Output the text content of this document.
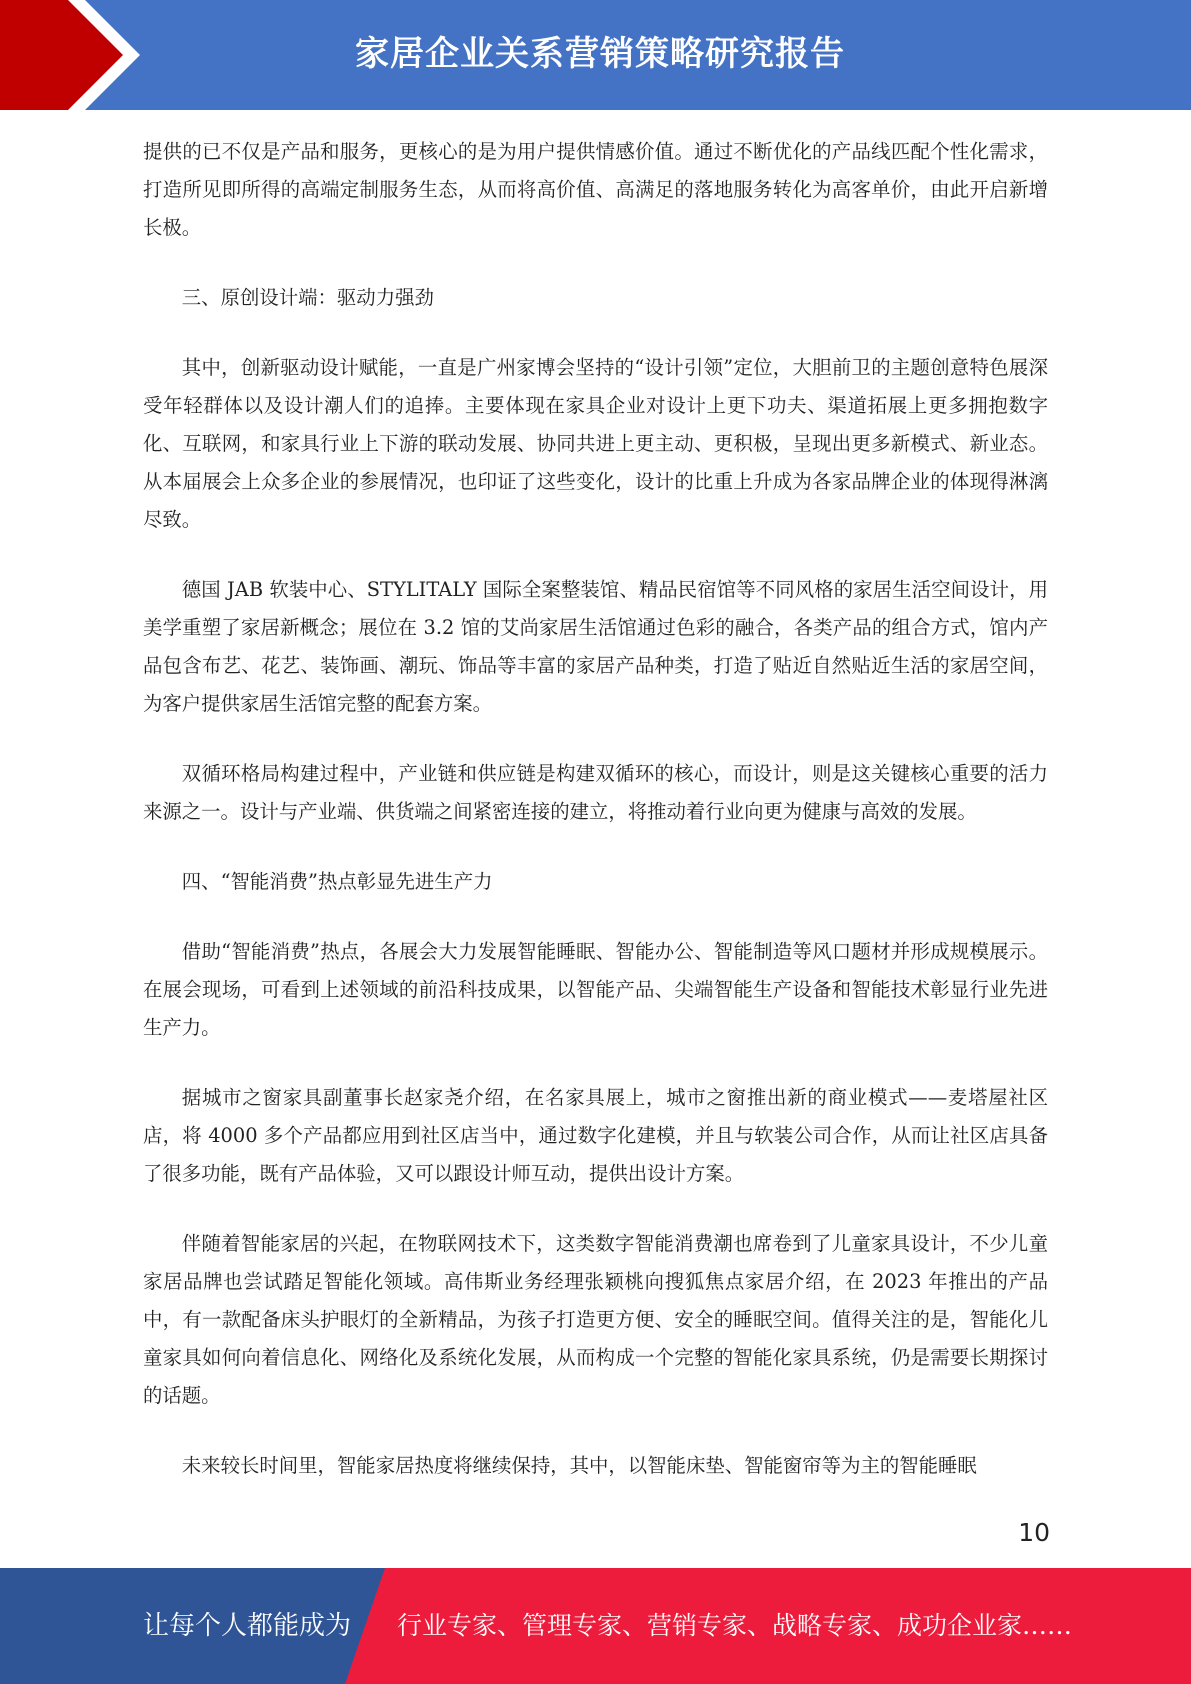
家居企业关系营销策略研究报告

提供的已不仅是产品和服务，更核心的是为用户提供情感价值。通过不断优化的产品线匹配个性化需求，打造所见即所得的高端定制服务生态，从而将高价值、高满足的落地服务转化为高客单价，由此开启新增长极。

三、原创设计端：驱动力强劲

其中，创新驱动设计赋能，一直是广州家博会坚持的“设计引领”定位，大胆前卫的主题创意特色展深受年轻群体以及设计潮人们的追捧。主要体现在家具企业对设计上更下功夫、渠道拓展上更多拥抱数字化、互联网，和家具行业上下游的联动发展、协同共进上更主动、更积极，呈现出更多新模式、新业态。从本届展会上众多企业的参展情况，也印证了这些变化，设计的比重上升成为各家品牌企业的体现得淋漓尽致。

德国 JAB 软装中心、STYLITALY 国际全案整装馆、精品民宿馆等不同风格的家居生活空间设计，用美学重塑了家居新概念；展位在 3.2 馆的艾尚家居生活馆通过色彩的融合，各类产品的组合方式，馆内产品包含布艺、花艺、装饰画、潮玩、饰品等丰富的家居产品种类，打造了贴近自然贴近生活的家居空间，为客户提供家居生活馆完整的配套方案。

双循环格局构建过程中，产业链和供应链是构建双循环的核心，而设计，则是这关键核心重要的活力来源之一。设计与产业端、供货端之间紧密连接的建立，将推动着行业向更为健康与高效的发展。

四、“智能消费”热点彰显先进生产力

借助“智能消费”热点，各展会大力发展智能睡眠、智能办公、智能制造等风口题材并形成规模展示。在展会现场，可看到上述领域的前沿科技成果，以智能产品、尖端智能生产设备和智能技术彰显行业先进生产力。

据城市之窗家具副董事长赵家尧介绍，在名家具展上，城市之窗推出新的商业模式——麦塔屋社区店，将 4000 多个产品都应用到社区店当中，通过数字化建模，并且与软装公司合作，从而让社区店具备了很多功能，既有产品体验，又可以跟设计师互动，提供出设计方案。

伴随着智能家居的兴起，在物联网技术下，这类数字智能消费潮也席卷到了儿童家具设计，不少儿童家居品牌也尝试踏足智能化领域。高伟斯业务经理张颖桃向搜狐焦点家居介绍，在 2023 年推出的产品中，有一款配备床头护眼灯的全新精品，为孩子打造更方便、安全的睡眠空间。值得关注的是，智能化儿童家具如何向着信息化、网络化及系统化发展，从而构成一个完整的智能化家具系统，仍是需要长期探讨的话题。

未来较长时间里，智能家居热度将继续保持，其中，以智能床垫、智能窗帘等为主的智能睡眠

10
让每个人都能成为 行业专家、管理专家、营销专家、战略专家、成功企业家……
